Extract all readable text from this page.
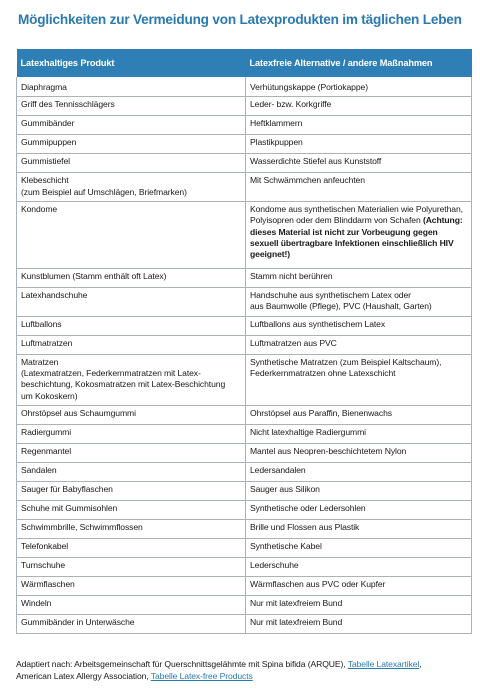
Möglichkeiten zur Vermeidung von Latexprodukten im täglichen Leben
Latexhaltiges Produkt	Latexfreie Alternative / andere Maßnahmen
Diaphragma	Verhütungskappe (Portiokappe)
Griff des Tennisschlägers	Leder- bzw. Korkgriffe
Gummibänder	Heftklammern
Gummipuppen	Plastikpuppen
Gummistiefel	Wasserdichte Stiefel aus Kunststoff
Klebeschicht
(zum Beispiel auf Umschlägen, Briefmarken)	Mit Schwämmchen anfeuchten
Kondome	Kondome aus synthetischen Materialien wie Polyurethan, Polyisopren oder dem Blinddarm von Schafen (Achtung: dieses Material ist nicht zur Vorbeugung gegen sexuell übertragbare Infektionen einschließlich HIV geeignet!)
Kunstblumen (Stamm enthält oft Latex)	Stamm nicht berühren
Latexhandschuhe	Handschuhe aus synthetischem Latex oder
aus Baumwolle (Pflege), PVC (Haushalt, Garten)
Luftballons	Luftballons aus synthetischem Latex
Luftmatratzen	Luftmatratzen aus PVC
Matratzen
(Latexmatratzen, Federkernmatratzen mit Latex-
beschichtung, Kokosmatratzen mit Latex-Beschichtung
um Kokoskern)	Synthetische Matratzen (zum Beispiel Kaltschaum),
Federkernmatratzen ohne Latexschicht
Ohrstöpsel aus Schaumgummi	Ohrstöpsel aus Paraffin, Bienenwachs
Radiergummi	Nicht latexhaltige Radiergummi
Regenmantel	Mantel aus Neopren-beschichtetem Nylon
Sandalen	Ledersandalen
Sauger für Babyflaschen	Sauger aus Silikon
Schuhe mit Gummisohlen	Synthetische oder Ledersohlen
Schwimmbrille, Schwimmflossen	Brille und Flossen aus Plastik
Telefonkabel	Synthetische Kabel
Turnschuhe	Lederschuhe
Wärmflaschen	Wärmflaschen aus PVC oder Kupfer
Windeln	Nur mit latexfreiem Bund
Gummibänder in Unterwäsche	Nur mit latexfreiem Bund
Adaptiert nach: Arbeitsgemeinschaft für Querschnittsgelähmte mit Spina bifida (ARQUE), Tabelle Latexartikel,
American Latex Allergy Association, Tabelle Latex-free Products
